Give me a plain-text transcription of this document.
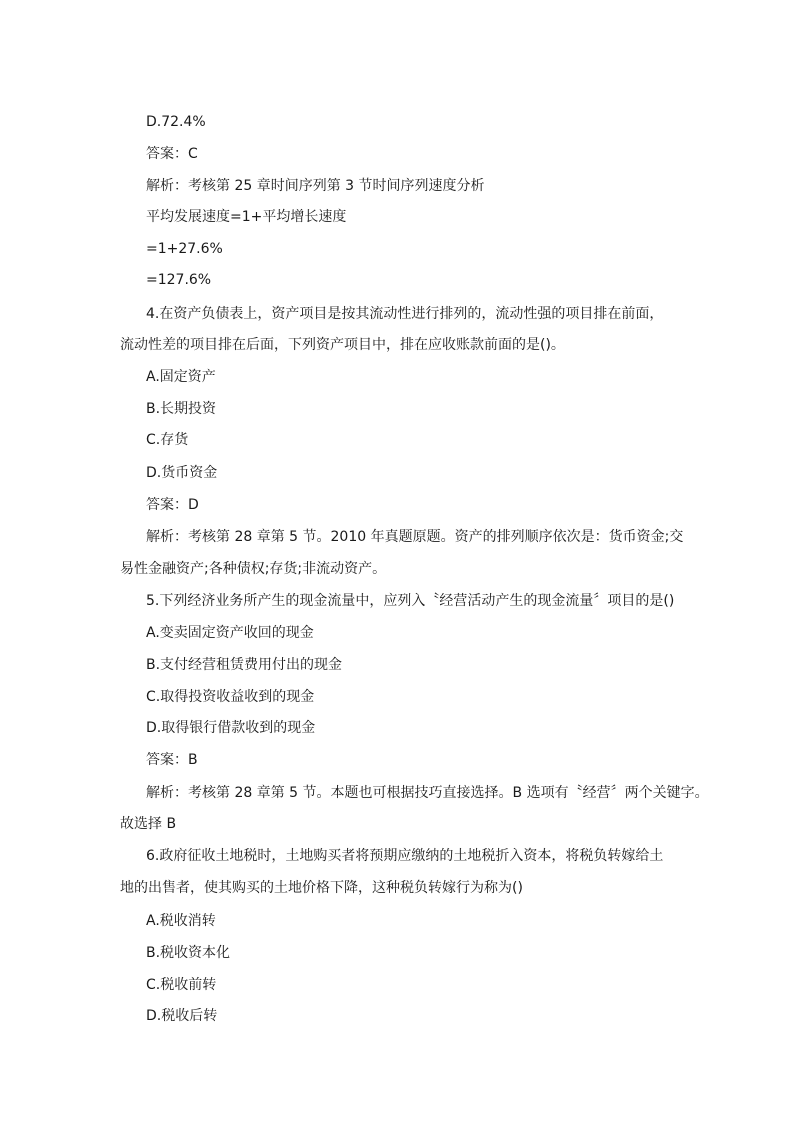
D.72.4%
答案：C
解析：考核第 25 章时间序列第 3 节时间序列速度分析
平均发展速度=1+平均增长速度
=1+27.6%
=127.6%
4.在资产负债表上，资产项目是按其流动性进行排列的，流动性强的项目排在前面，
流动性差的项目排在后面，下列资产项目中，排在应收账款前面的是()。
A.固定资产
B.长期投资
C.存货
D.货币资金
答案：D
解析：考核第 28 章第 5 节。2010 年真题原题。资产的排列顺序依次是：货币资金;交
易性金融资产;各种债权;存货;非流动资产。
5.下列经济业务所产生的现金流量中，应列入〝经营活动产生的现金流量〞项目的是()
A.变卖固定资产收回的现金
B.支付经营租赁费用付出的现金
C.取得投资收益收到的现金
D.取得银行借款收到的现金
答案：B
解析：考核第 28 章第 5 节。本题也可根据技巧直接选择。B 选项有〝经营〞两个关键字。
故选择 B
6.政府征收土地税时，土地购买者将预期应缴纳的土地税折入资本，将税负转嫁给土
地的出售者，使其购买的土地价格下降，这种税负转嫁行为称为()
A.税收消转
B.税收资本化
C.税收前转
D.税收后转
